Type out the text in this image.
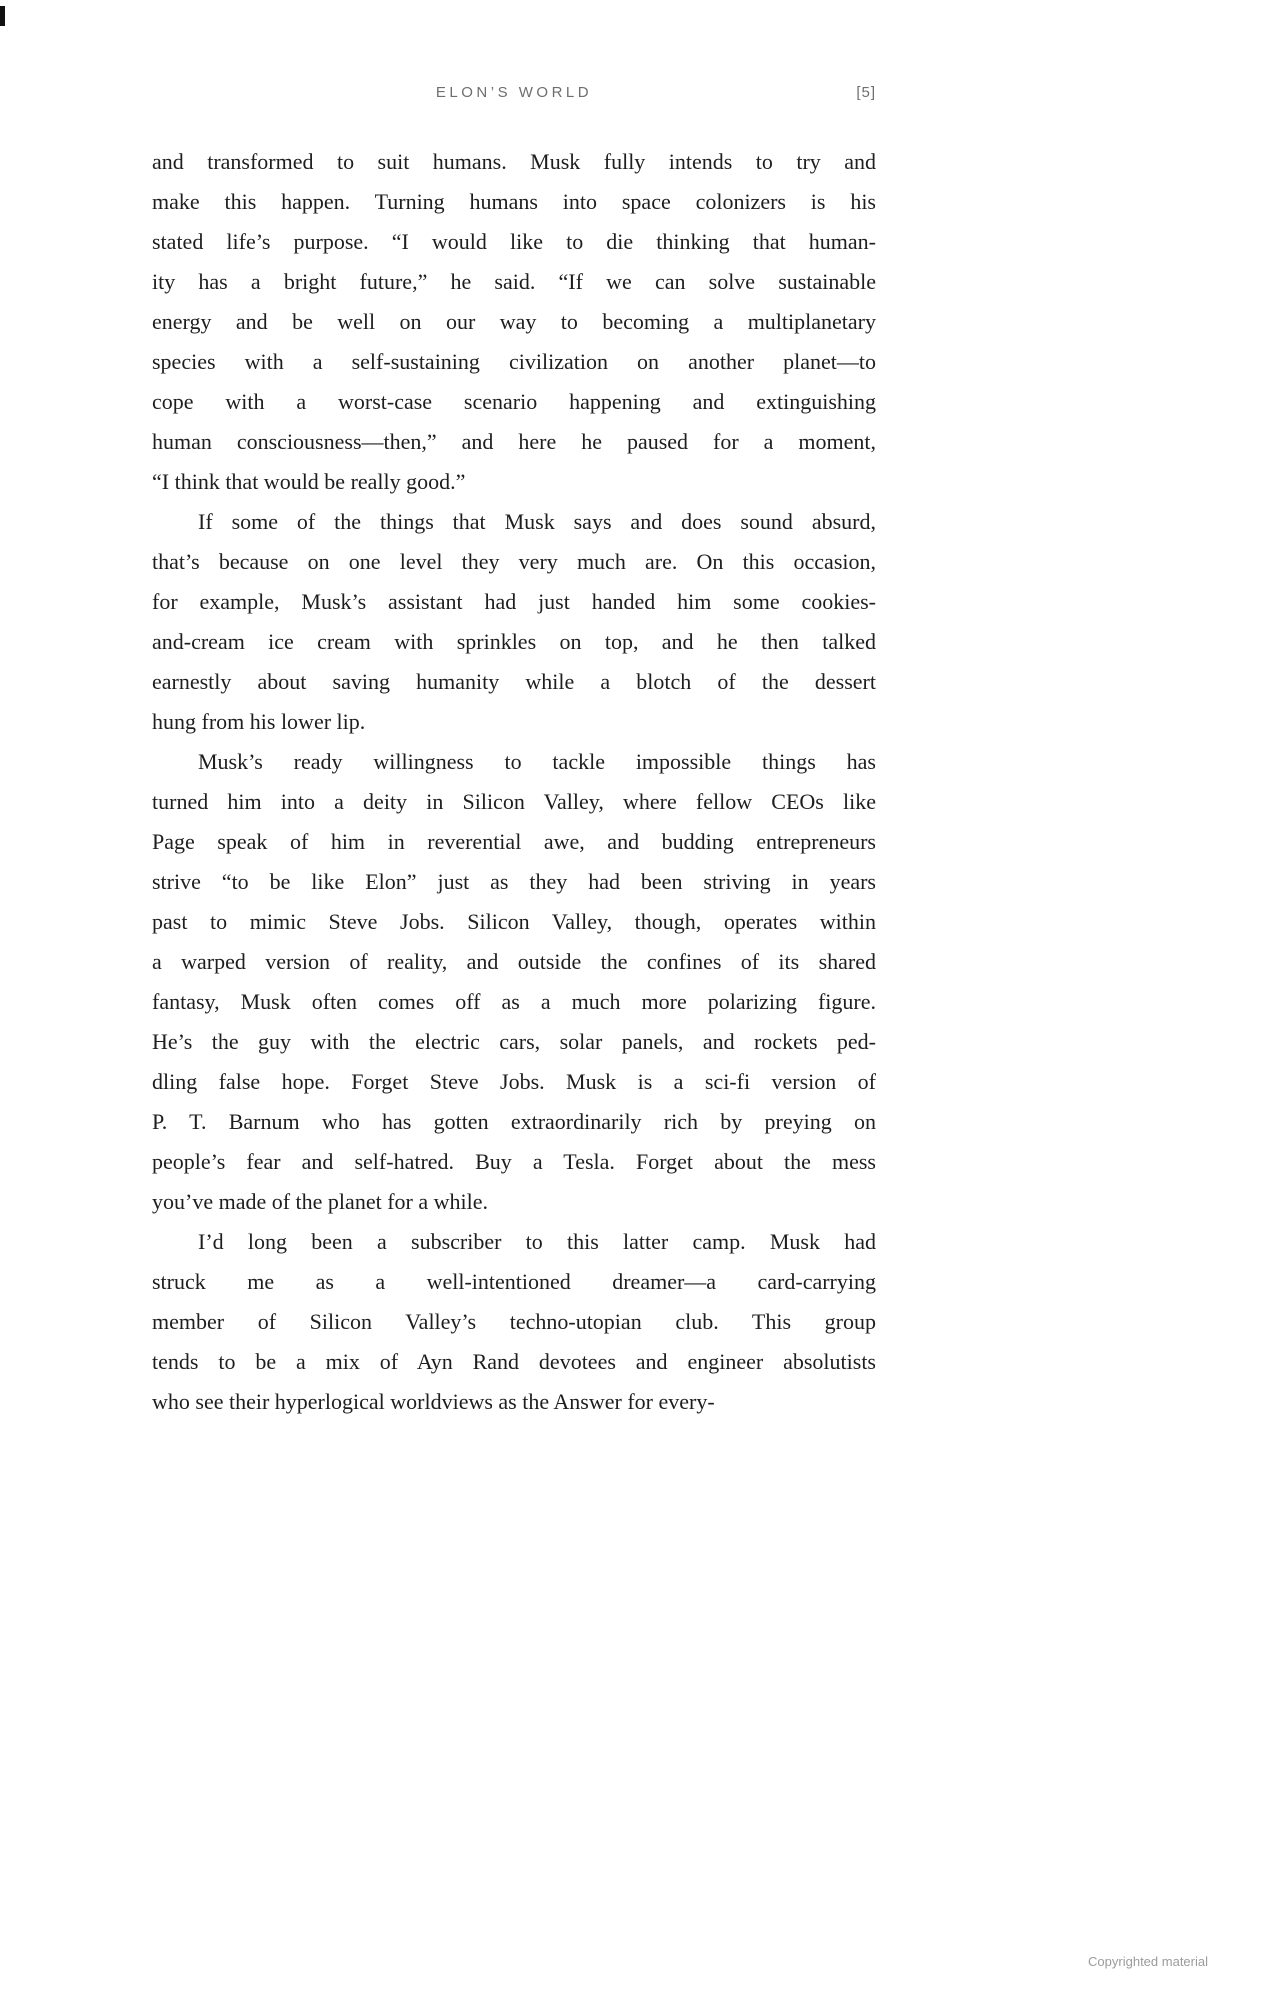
ELON’S WORLD	[5]
and transformed to suit humans. Musk fully intends to try and
make this happen. Turning humans into space colonizers is his
stated life’s purpose. “I would like to die thinking that human-
ity has a bright future,” he said. “If we can solve sustainable
energy and be well on our way to becoming a multiplanetary
species with a self-sustaining civilization on another planet—to
cope with a worst-case scenario happening and extinguishing
human consciousness—then,” and here he paused for a moment,
“I think that would be really good.”
If some of the things that Musk says and does sound absurd,
that’s because on one level they very much are. On this occasion,
for example, Musk’s assistant had just handed him some cookies-
and-cream ice cream with sprinkles on top, and he then talked
earnestly about saving humanity while a blotch of the dessert
hung from his lower lip.
Musk’s ready willingness to tackle impossible things has
turned him into a deity in Silicon Valley, where fellow CEOs like
Page speak of him in reverential awe, and budding entrepreneurs
strive “to be like Elon” just as they had been striving in years
past to mimic Steve Jobs. Silicon Valley, though, operates within
a warped version of reality, and outside the confines of its shared
fantasy, Musk often comes off as a much more polarizing figure.
He’s the guy with the electric cars, solar panels, and rockets ped-
dling false hope. Forget Steve Jobs. Musk is a sci-fi version of
P. T. Barnum who has gotten extraordinarily rich by preying on
people’s fear and self-hatred. Buy a Tesla. Forget about the mess
you’ve made of the planet for a while.
I’d long been a subscriber to this latter camp. Musk had
struck me as a well-intentioned dreamer—a card-carrying
member of Silicon Valley’s techno-utopian club. This group
tends to be a mix of Ayn Rand devotees and engineer absolutists
who see their hyperlogical worldviews as the Answer for every-
Copyrighted material
